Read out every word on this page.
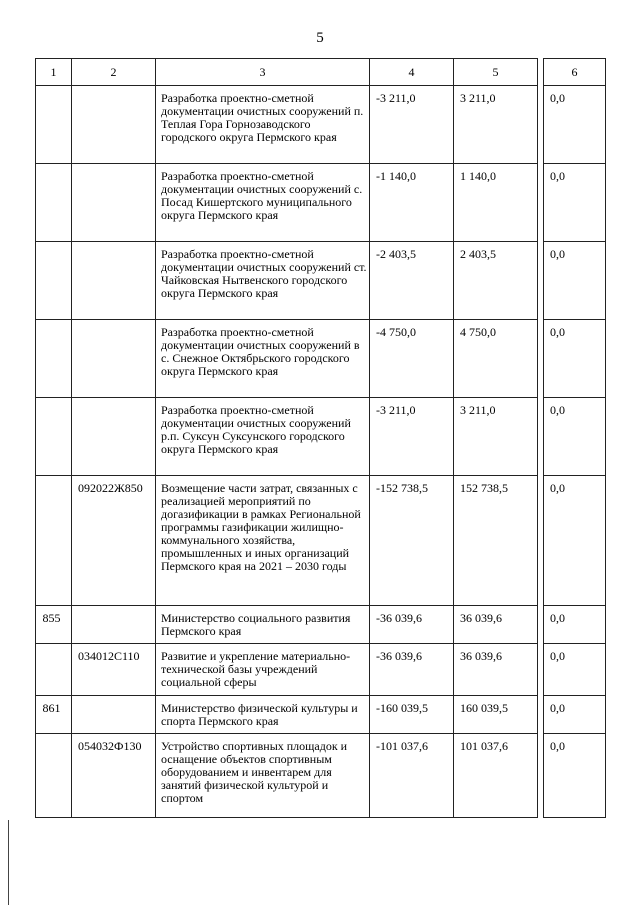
5
1	2	3	4	5		6

		Разработка проектно-сметной документации очистных сооружений п. Теплая Гора Горнозаводского городского округа Пермского края	-3 211,0	3 211,0		0,0

		Разработка проектно-сметной документации очистных сооружений с. Посад Кишертского муниципального округа Пермского края	-1 140,0	1 140,0		0,0

		Разработка проектно-сметной документации очистных сооружений ст. Чайковская Нытвенского городского округа Пермского края	-2 403,5	2 403,5		0,0

		Разработка проектно-сметной документации очистных сооружений в с. Снежное Октябрьского городского округа Пермского края	-4 750,0	4 750,0		0,0

		Разработка проектно-сметной документации очистных сооружений р.п. Суксун Суксунского городского округа Пермского края	-3 211,0	3 211,0		0,0

	092022Ж850	Возмещение части затрат, связанных с реализацией мероприятий по догазификации в рамках Региональной программы газификации жилищно-коммунального хозяйства, промышленных и иных организаций Пермского края на 2021 – 2030 годы	-152 738,5	152 738,5		0,0

855		Министерство социального развития Пермского края	-36 039,6	36 039,6		0,0

	034012С110	Развитие и укрепление материально-технической базы учреждений социальной сферы	-36 039,6	36 039,6		0,0

861		Министерство физической культуры и спорта Пермского края	-160 039,5	160 039,5		0,0

	054032Ф130	Устройство спортивных площадок и оснащение объектов спортивным оборудованием и инвентарем для занятий физической культурой и спортом	-101 037,6	101 037,6		0,0
